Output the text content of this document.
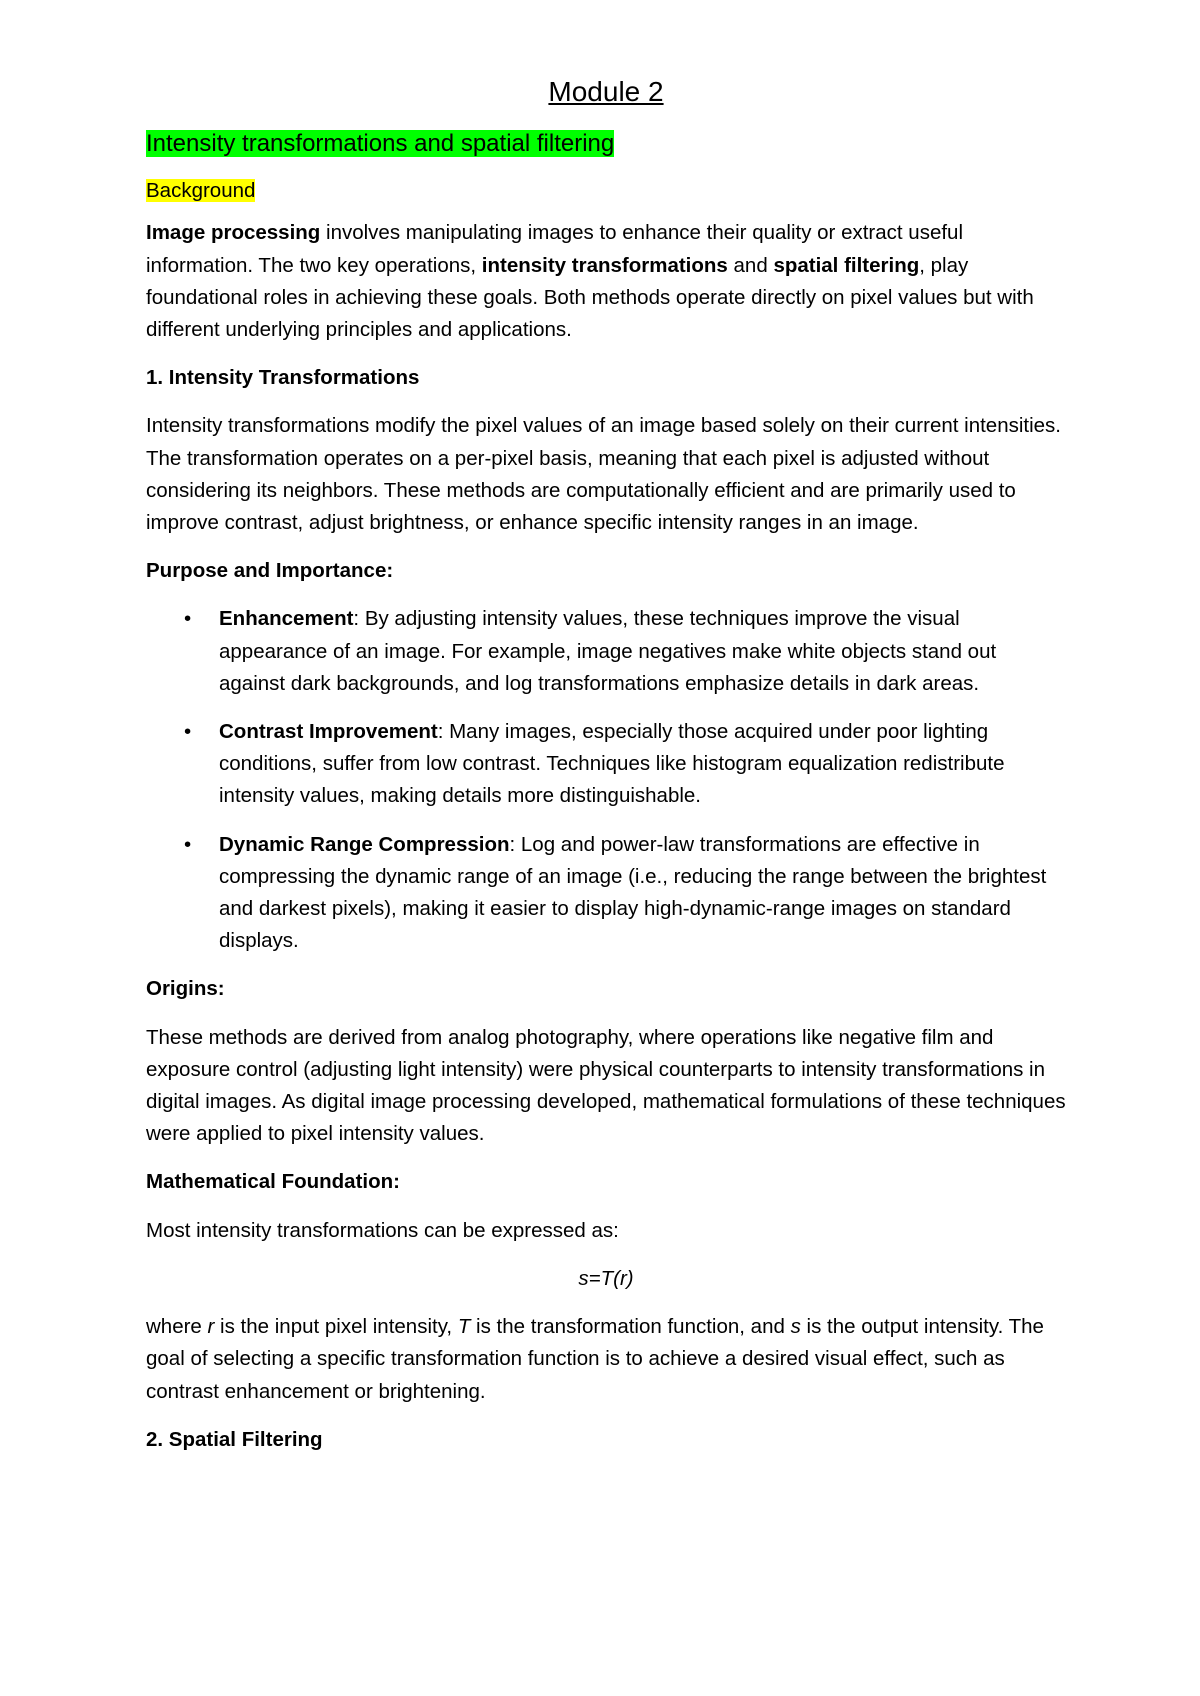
Module 2
Intensity transformations and spatial filtering
Background

Image processing involves manipulating images to enhance their quality or extract useful information. The two key operations, intensity transformations and spatial filtering, play foundational roles in achieving these goals. Both methods operate directly on pixel values but with different underlying principles and applications.

1. Intensity Transformations

Intensity transformations modify the pixel values of an image based solely on their current intensities. The transformation operates on a per-pixel basis, meaning that each pixel is adjusted without considering its neighbors. These methods are computationally efficient and are primarily used to improve contrast, adjust brightness, or enhance specific intensity ranges in an image.

Purpose and Importance:

• Enhancement: By adjusting intensity values, these techniques improve the visual appearance of an image. For example, image negatives make white objects stand out against dark backgrounds, and log transformations emphasize details in dark areas.
• Contrast Improvement: Many images, especially those acquired under poor lighting conditions, suffer from low contrast. Techniques like histogram equalization redistribute intensity values, making details more distinguishable.
• Dynamic Range Compression: Log and power-law transformations are effective in compressing the dynamic range of an image (i.e., reducing the range between the brightest and darkest pixels), making it easier to display high-dynamic-range images on standard displays.

Origins:

These methods are derived from analog photography, where operations like negative film and exposure control (adjusting light intensity) were physical counterparts to intensity transformations in digital images. As digital image processing developed, mathematical formulations of these techniques were applied to pixel intensity values.

Mathematical Foundation:

Most intensity transformations can be expressed as:

s=T(r)

where r is the input pixel intensity, T is the transformation function, and s is the output intensity. The goal of selecting a specific transformation function is to achieve a desired visual effect, such as contrast enhancement or brightening.

2. Spatial Filtering
